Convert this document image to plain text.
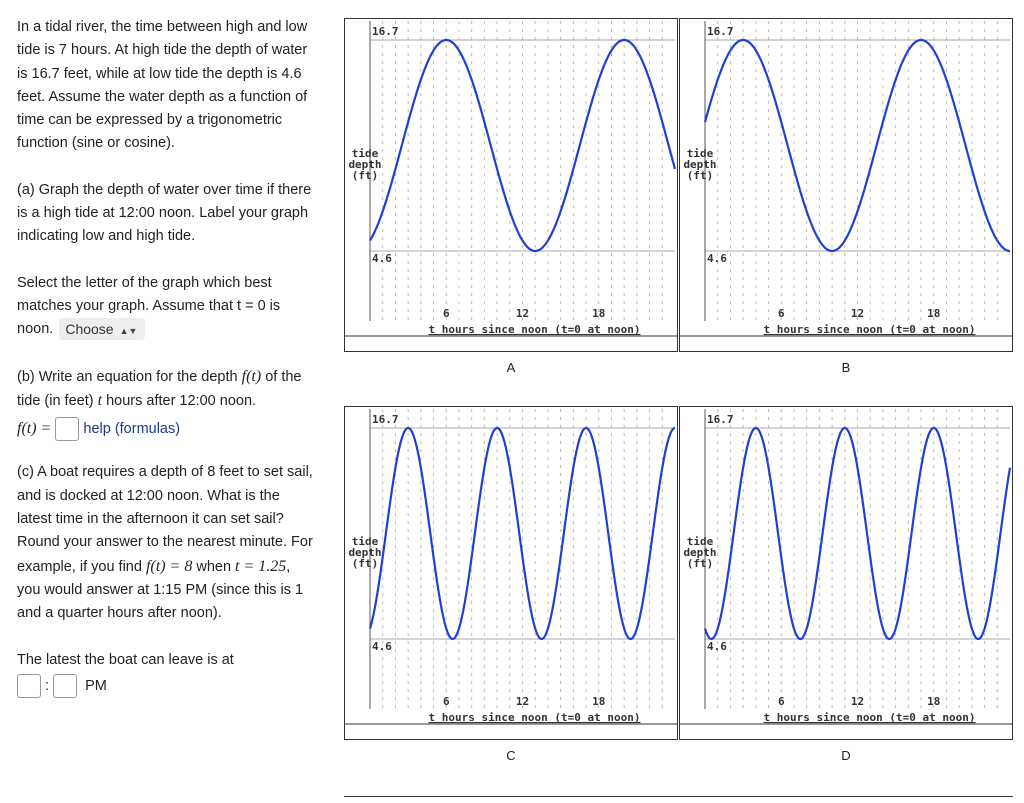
In a tidal river, the time between high and low tide is 7 hours. At high tide the depth of water is 16.7 feet, while at low tide the depth is 4.6 feet. Assume the water depth as a function of time can be expressed by a trigonometric function (sine or cosine).

(a) Graph the depth of water over time if there is a high tide at 12:00 noon. Label your graph indicating low and high tide.

Select the letter of the graph which best matches your graph. Assume that t = 0 is noon. Choose ▲▼

(b) Write an equation for the depth f(t) of the tide (in feet) t hours after 12:00 noon.

f(t) = help (formulas)

(c) A boat requires a depth of 8 feet to set sail, and is docked at 12:00 noon. What is the latest time in the afternoon it can set sail? Round your answer to the nearest minute. For example, if you find f(t) = 8 when t = 1.25, you would answer at 1:15 PM (since this is 1 and a quarter hours after noon).

The latest the boat can leave is at

: PM

4.6
16.7
tide
depth
(ft)
6	12	18
t hours since noon (t=0 at noon)
A
4.6
16.7
tide
depth
(ft)
6	12	18
t hours since noon (t=0 at noon)
B
4.6
16.7
tide
depth
(ft)
6	12	18
t hours since noon (t=0 at noon)
C
4.6
16.7
tide
depth
(ft)
6	12	18
t hours since noon (t=0 at noon)
D
